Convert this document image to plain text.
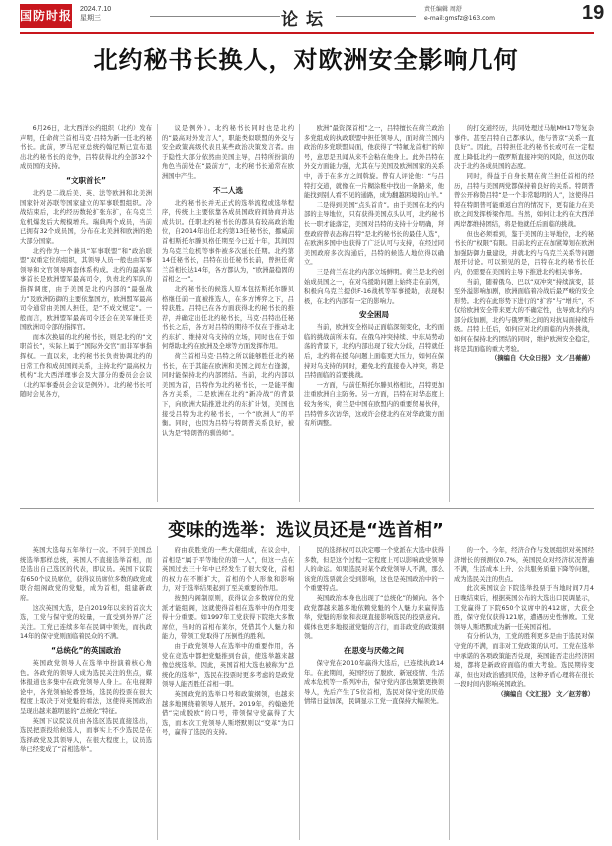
国防时报 2024.7.10
星期三	论坛
责任编辑 周舒
e-mail:gmsfz@163.com	19
北约秘书长换人，对欧洲安全影响几何

6月26日，北大西洋公约组织（北约）发布声明，任命荷兰首相马克·吕特为新一任北约秘书长。此前，罗马尼亚总统约翰尼斯已宣布退出北约秘书长的竞争，吕特获得北约全部32个成员国的支持。

“文职首长”

北约是二战后美、英、法等欧洲和北美洲国家针对苏联等国家建立的军事联盟组织。冷战结束后，北约经历数轮扩张东扩，在乌克兰危机爆发后大规模增兵。瑞典两个成员，当前已拥有32个成员国，分布在北美洲和欧洲的绝大部分国家。

北约作为一个兼具“军事联盟”和“政治联盟”双重定位的组织，其领导人员一般也由军事领导和文官领导两套体系构成。北约的最高军事首长是欧洲盟军最高司令，负责北约军队的指挥调度，由于美国是北约内部的“最强战力”及欧洲防御的主要依靠国方，欧洲盟军最高司令通常由美国人担任，是“不成文规定”。一般而言，欧洲盟军最高司令还会在美军兼任美国欧洲司令部的指挥官。

而本次换届的北约秘书长，则是北约的“文职首长”，实际上属于“国际外交官”而非军事指挥权。一直以来，北约秘书长负责协调北约的日常工作和成员国间关系，主持北约“最高权力机构”北大西洋理事会及大部分的委员会会议（北约军事委员会会议是例外）。北约秘书长可随时会见各方，

议是例外）。北约秘书长同时也是北约的“最高对外发言人”，职能类似联盟的外交与安全政策高级代表且某些政治决策发言者。由于隐性大部分依然由美国主导，吕特所扮演的角色当前处在“最前方”，北约秘书长通常在欧洲国中产生。

不二人选

北约秘书长并无正式的选举流程或选举程序，传统上主要依靠各成员国政府间协商并达成共识。任职北约秘书长的都具有较高政治地位，自2014年出任北约第13任秘书长，挪威前首相斯托尔滕贝格任期至今已近十年，其间因为乌克兰危机等事件被多次延长任期。北约第14任秘书长，吕特在出任秘书长前，曾担任荷兰首相长达14年，各方都认为，“欧洲最稳固的首相之一”。

北约秘书长的候选人原本包括斯托尔滕贝格继任前一直被推选人，在多方博弈之下，吕特获胜。吕特已在各方面获得北约秘书长的推荐，并确定出任北约秘书长，马克·吕特出任秘书长之后，各方对吕特的期待不仅在于推动北约东扩、维持对乌支持的立场，同时也在于如何帮助北约在欧洲及全球等方面发挥作用。

荷兰首相马克·吕特之所以能够胜任北约秘书长，在于其能在欧洲和美国之间左右逢源，同时能保持北约内部团结。当前，北约内部以美国为首，吕特作为北约秘书长，一是能平衡各方关系，二是欧洲在北约“新冷战”的背景下，向欧洲大陆推进北约的东扩计划，美国也接受吕特为北约秘书长，一个“欧洲人”的平衡。同时，也因为吕特与特朗普关系良好，被认为是“特朗普的驯兽师”。

欧洲“最资深首相”之一，吕特擅长在荷兰政治多党组成的执政联盟中担任领导人，面对荷兰国内政治的多党联盟局面，他获得了“特氟龙首相”的绰号，意思是丑闻从来不会粘在他身上。此外吕特在外交方面能力强，尤其在与美国及欧洲国家的关系中，善于在多方之间斡旋。曾有人评论他：“与吕特打交道，就像在一片糊涂账中找出一条路来，他能找到别人看不见的通路，成为翻越困境的山羊。”

二是得到美国“点头首肯”。由于美国在北约内部的主导地位，只有获得美国点头认可，北约秘书长一职才能落定，美国对吕特的支持十分明确，拜登政府曾表态称吕特“是北约秘书长的最佳人选”，在欧洲多国中也获得了广泛认可与支持，在经过同美国政府多次沟通后，吕特的候选人地位得以确立。

三是荷兰在北约内部立场鲜明。荷兰是北约创始成员国之一，在对乌援助问题上始终走在前列，积极向乌克兰提供F-16战机等军事援助，表现积极，在北约内部有一定的影响力。

安全困局

当前，欧洲安全格局正面临深刻变化，北约面临的挑战前所未有。在俄乌冲突持续、中东局势动荡的背景下，北约内部出现了较大分歧，吕特就任后，北约将在援乌问题上面临更大压力，如何在保持对乌支持的同时，避免北约直接卷入冲突，将是吕特面临的首要挑战。

一方面，与前任斯托尔滕贝格相比，吕特更加注重欧洲自主防务。另一方面，吕特在对华态度上较为务实，荷兰是中国在欧盟内的重要贸易伙伴，吕特曾多次访华，这或许会使北约在对华政策方面有所调整。

的打交道经历，共同处理过马航MH17等复杂事件。甚至吕特自己都承认，他与普京“关系一直良好”。因此，吕特担任北约秘书长或可在一定程度上降低北约一俄罗斯直接冲突的风险，但这仍取决于北约各成员国的态度。

同时，得益于自身长期在荷兰担任首相的经历，吕特与美国两党都保持着良好的关系。特朗普曾公开称赞吕特“是一个非常聪明的人”，这使得吕特在特朗普可能重返白宫的情况下，更有能力在美欧之间发挥桥梁作用。当然，如何让北约在大西洋两岸都维持团结，将是他就任后面临的挑战。

但也必须看到，鉴于美国的主导地位，北约秘书长的“权限”有限。目前北约正在加紧筹划在欧洲加强防御力量建设，并就北约与乌克兰关系等问题展开讨论。可以预见的是，吕特在北约秘书长任内，仍需要在美国的主导下推进北约相关事务。

当前，随着俄乌、巴以“双冲突”持续演变，甚至外溢影响加剧，欧洲面临着冷战后最严峻的安全形势。北约在此形势下进行的“扩容”与“增兵”，不仅给欧洲安全带来更大的不确定性，也导致北约内部分歧加剧，北约与俄罗斯之间的对抗局面持续升级。吕特上任后，如何应对北约面临的内外挑战，如何在保持北约团结的同时，维护欧洲安全稳定，将是其面临的重大考验。

（摘编自《大众日报》 文／吕薇薇）

变味的选举：选议员还是“选首相”

英国大选每五年举行一次。不同于美国总统选举那样总统，英国人不直接选举首相，而是选出自己选区的代表，即议员。英国下议院有650个议员席位，获得议员席位多数的政党或联合组阁政党的党魁，成为首相，组建新政府。

这次英国大选，是自2019年以来的首次大选，工党与保守党的较量，一直受到外界广泛关注。工党已连续多年在民调中领先，而执政14年的保守党则面临着民众的不满。

“总统化”的英国政治

英国政党领导人在选举中扮演着核心角色。各政党的领导人成为选民关注的焦点，媒体报道也多集中在政党领导人身上。在电视辩论中，各党领袖轮番登场，选民的投票在很大程度上取决于对党魁的看法，这使得英国政治呈现出越来越明显的“总统化”特征。

英国下议院议员由各选区选民直接选出，选民把票投给候选人，而事实上不少选民是在选择政党及其领导人，在很大程度上，议员选举已经变成了“首相选举”。

府由获胜党的一些大佬组成，在议会中，首相是“属于平等地位的第一人”，但这一点在英国过去三十年中已经发生了很大变化，首相的权力在不断扩大，首相的个人形象和影响力，对于选举结果起到了至关重要的作用。

按照内阁制原则，获得议会多数席位的党派才能组阁，这就使得首相在选举中的作用变得十分重要。如1997年工党获得下院绝大多数席位，当时的首相布莱尔，凭借其个人魅力和能力，带领工党取得了压倒性的胜利。

由于政党领导人在选举中的重要作用，各党在竞选中都把党魁推到台前，使选举越来越像总统选举。因此，英国首相大选也被称为“总统化的选举”，选民在投票时更多考虑的是政党领导人能否胜任首相一职。

英国政党的选举口号和政策纲领，也越来越多地围绕着领导人展开。2019年，约翰逊凭借“完成脱欧”的口号，带领保守党赢得了大选，而本次工党领导人斯塔默则以“变革”为口号，赢得了选民的支持。

民的选择权可以决定哪一个党派在大选中获得多数，但是这个过程一定程度上可以影响政党领导人的命运。如果选民对某个政党领导人不满，那么该党的选票就会受到影响，这也是英国政治中的一个重要特点。

英国政治本身也出现了“总统化”的倾向。各个政党都越来越多地依赖党魁的个人魅力来赢得选举，党魁的形象和表现直接影响选民的投票意向。媒体也更多地报道党魁的言行，而非政党的政策纲领。

在思变与厌倦之间

保守党在2010年赢得大选后，已连续执政14年。在此期间，英国经历了脱欧、新冠疫情、生活成本危机等一系列冲击，保守党内部也频繁更换领导人，先后产生了5位首相，选民对保守党的厌倦情绪日益加深，民调显示工党一直保持大幅领先。

的一个。今年，经济合作与发展组织对英国经济增长的预测仅0.7%，英国民众对经济状况普遍不满，生活成本上升、公共服务质量下降等问题，成为选民关注的焦点。

此次英国议会下院选举投票于当地时间7月4日晚结束后，根据英国公布的大选出口民调显示，工党赢得了下院650个议席中的412席，大获全胜，保守党仅获得121席，遭遇历史性惨败。工党领导人斯塔默成为新一任英国首相。

有分析认为，工党的胜利更多是由于选民对保守党的不满，而非对工党政策的认可。工党在选举中承诺的各项政策能否兑现，英国能否走出经济困境，都将是新政府面临的重大考验。选民期待变革，但也对政治感到厌倦，这种矛盾心理将在很长一段时间内影响英国政治。

（摘编自《文汇报》 文／赵芳蓉）
